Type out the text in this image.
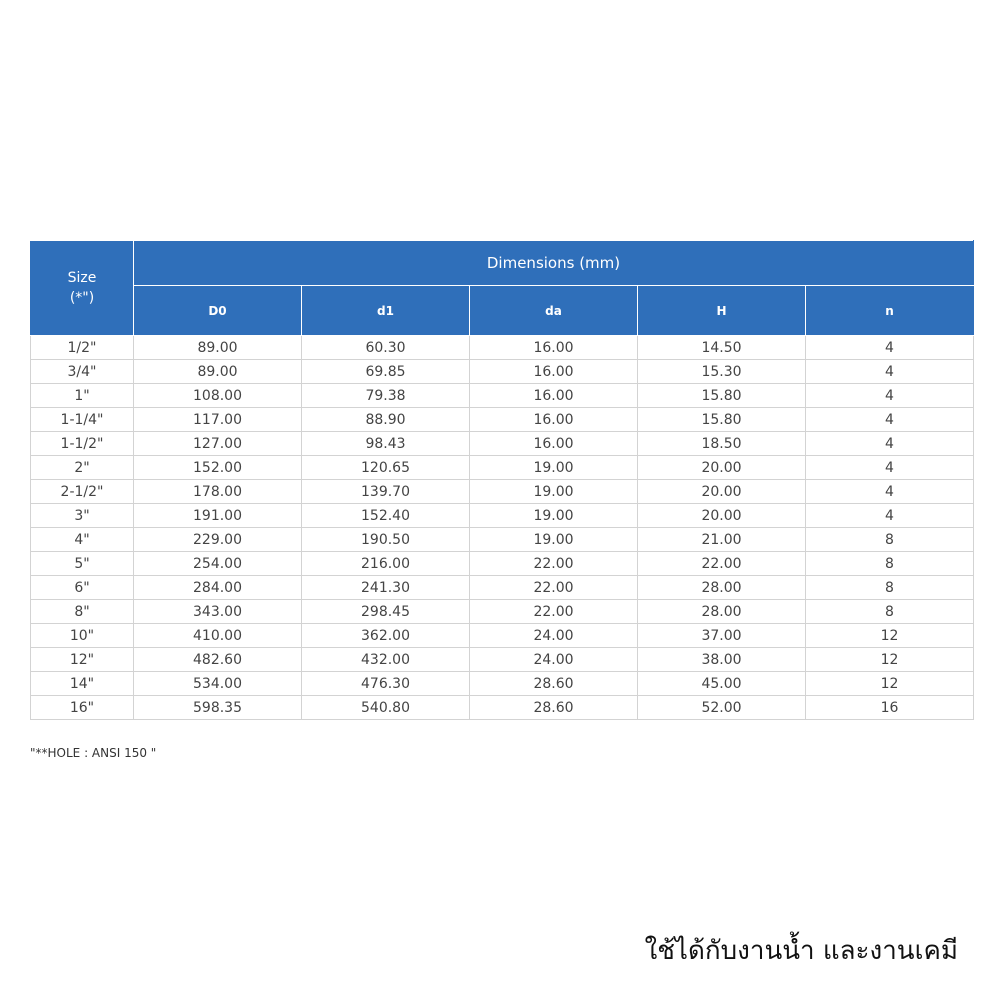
Size
(*")	Dimensions (mm)				
	D0	d1	da	H	n
1/2"	89.00	60.30	16.00	14.50	4
3/4"	89.00	69.85	16.00	15.30	4
1"	108.00	79.38	16.00	15.80	4
1-1/4"	117.00	88.90	16.00	15.80	4
1-1/2"	127.00	98.43	16.00	18.50	4
2"	152.00	120.65	19.00	20.00	4
2-1/2"	178.00	139.70	19.00	20.00	4
3"	191.00	152.40	19.00	20.00	4
4"	229.00	190.50	19.00	21.00	8
5"	254.00	216.00	22.00	22.00	8
6"	284.00	241.30	22.00	28.00	8
8"	343.00	298.45	22.00	28.00	8
10"	410.00	362.00	24.00	37.00	12
12"	482.60	432.00	24.00	38.00	12
14"	534.00	476.30	28.60	45.00	12
16"	598.35	540.80	28.60	52.00	16
"**HOLE : ANSI 150 "
ใช้ได้กับงานน้ำ และงานเคมี
